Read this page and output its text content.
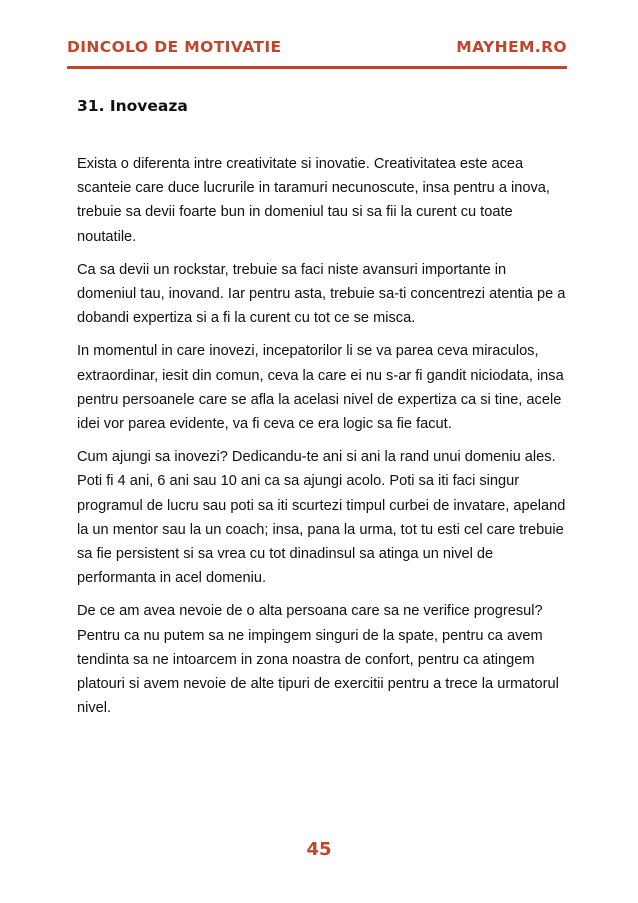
DINCOLO DE MOTIVATIE	MAYHEM.RO
31. Inoveaza

Exista o diferenta intre creativitate si inovatie. Creativitatea este acea scanteie care duce lucrurile in taramuri necunoscute, insa pentru a inova, trebuie sa devii foarte bun in domeniul tau si sa fii la curent cu toate noutatile.

Ca sa devii un rockstar, trebuie sa faci niste avansuri importante in domeniul tau, inovand. Iar pentru asta, trebuie sa-ti concentrezi atentia pe a dobandi expertiza si a fi la curent cu tot ce se misca.

In momentul in care inovezi, incepatorilor li se va parea ceva miraculos, extraordinar, iesit din comun, ceva la care ei nu s-ar fi gandit niciodata, insa pentru persoanele care se afla la acelasi nivel de expertiza ca si tine, acele idei vor parea evidente, va fi ceva ce era logic sa fie facut.

Cum ajungi sa inovezi? Dedicandu-te ani si ani la rand unui domeniu ales. Poti fi 4 ani, 6 ani sau 10 ani ca sa ajungi acolo. Poti sa iti faci singur programul de lucru sau poti sa iti scurtezi timpul curbei de invatare, apeland la un mentor sau la un coach; insa, pana la urma, tot tu esti cel care trebuie sa fie persistent si sa vrea cu tot dinadinsul sa atinga un nivel de performanta in acel domeniu.

De ce am avea nevoie de o alta persoana care sa ne verifice progresul? Pentru ca nu putem sa ne impingem singuri de la spate, pentru ca avem tendinta sa ne intoarcem in zona noastra de confort, pentru ca atingem platouri si avem nevoie de alte tipuri de exercitii pentru a trece la urmatorul nivel.

45
